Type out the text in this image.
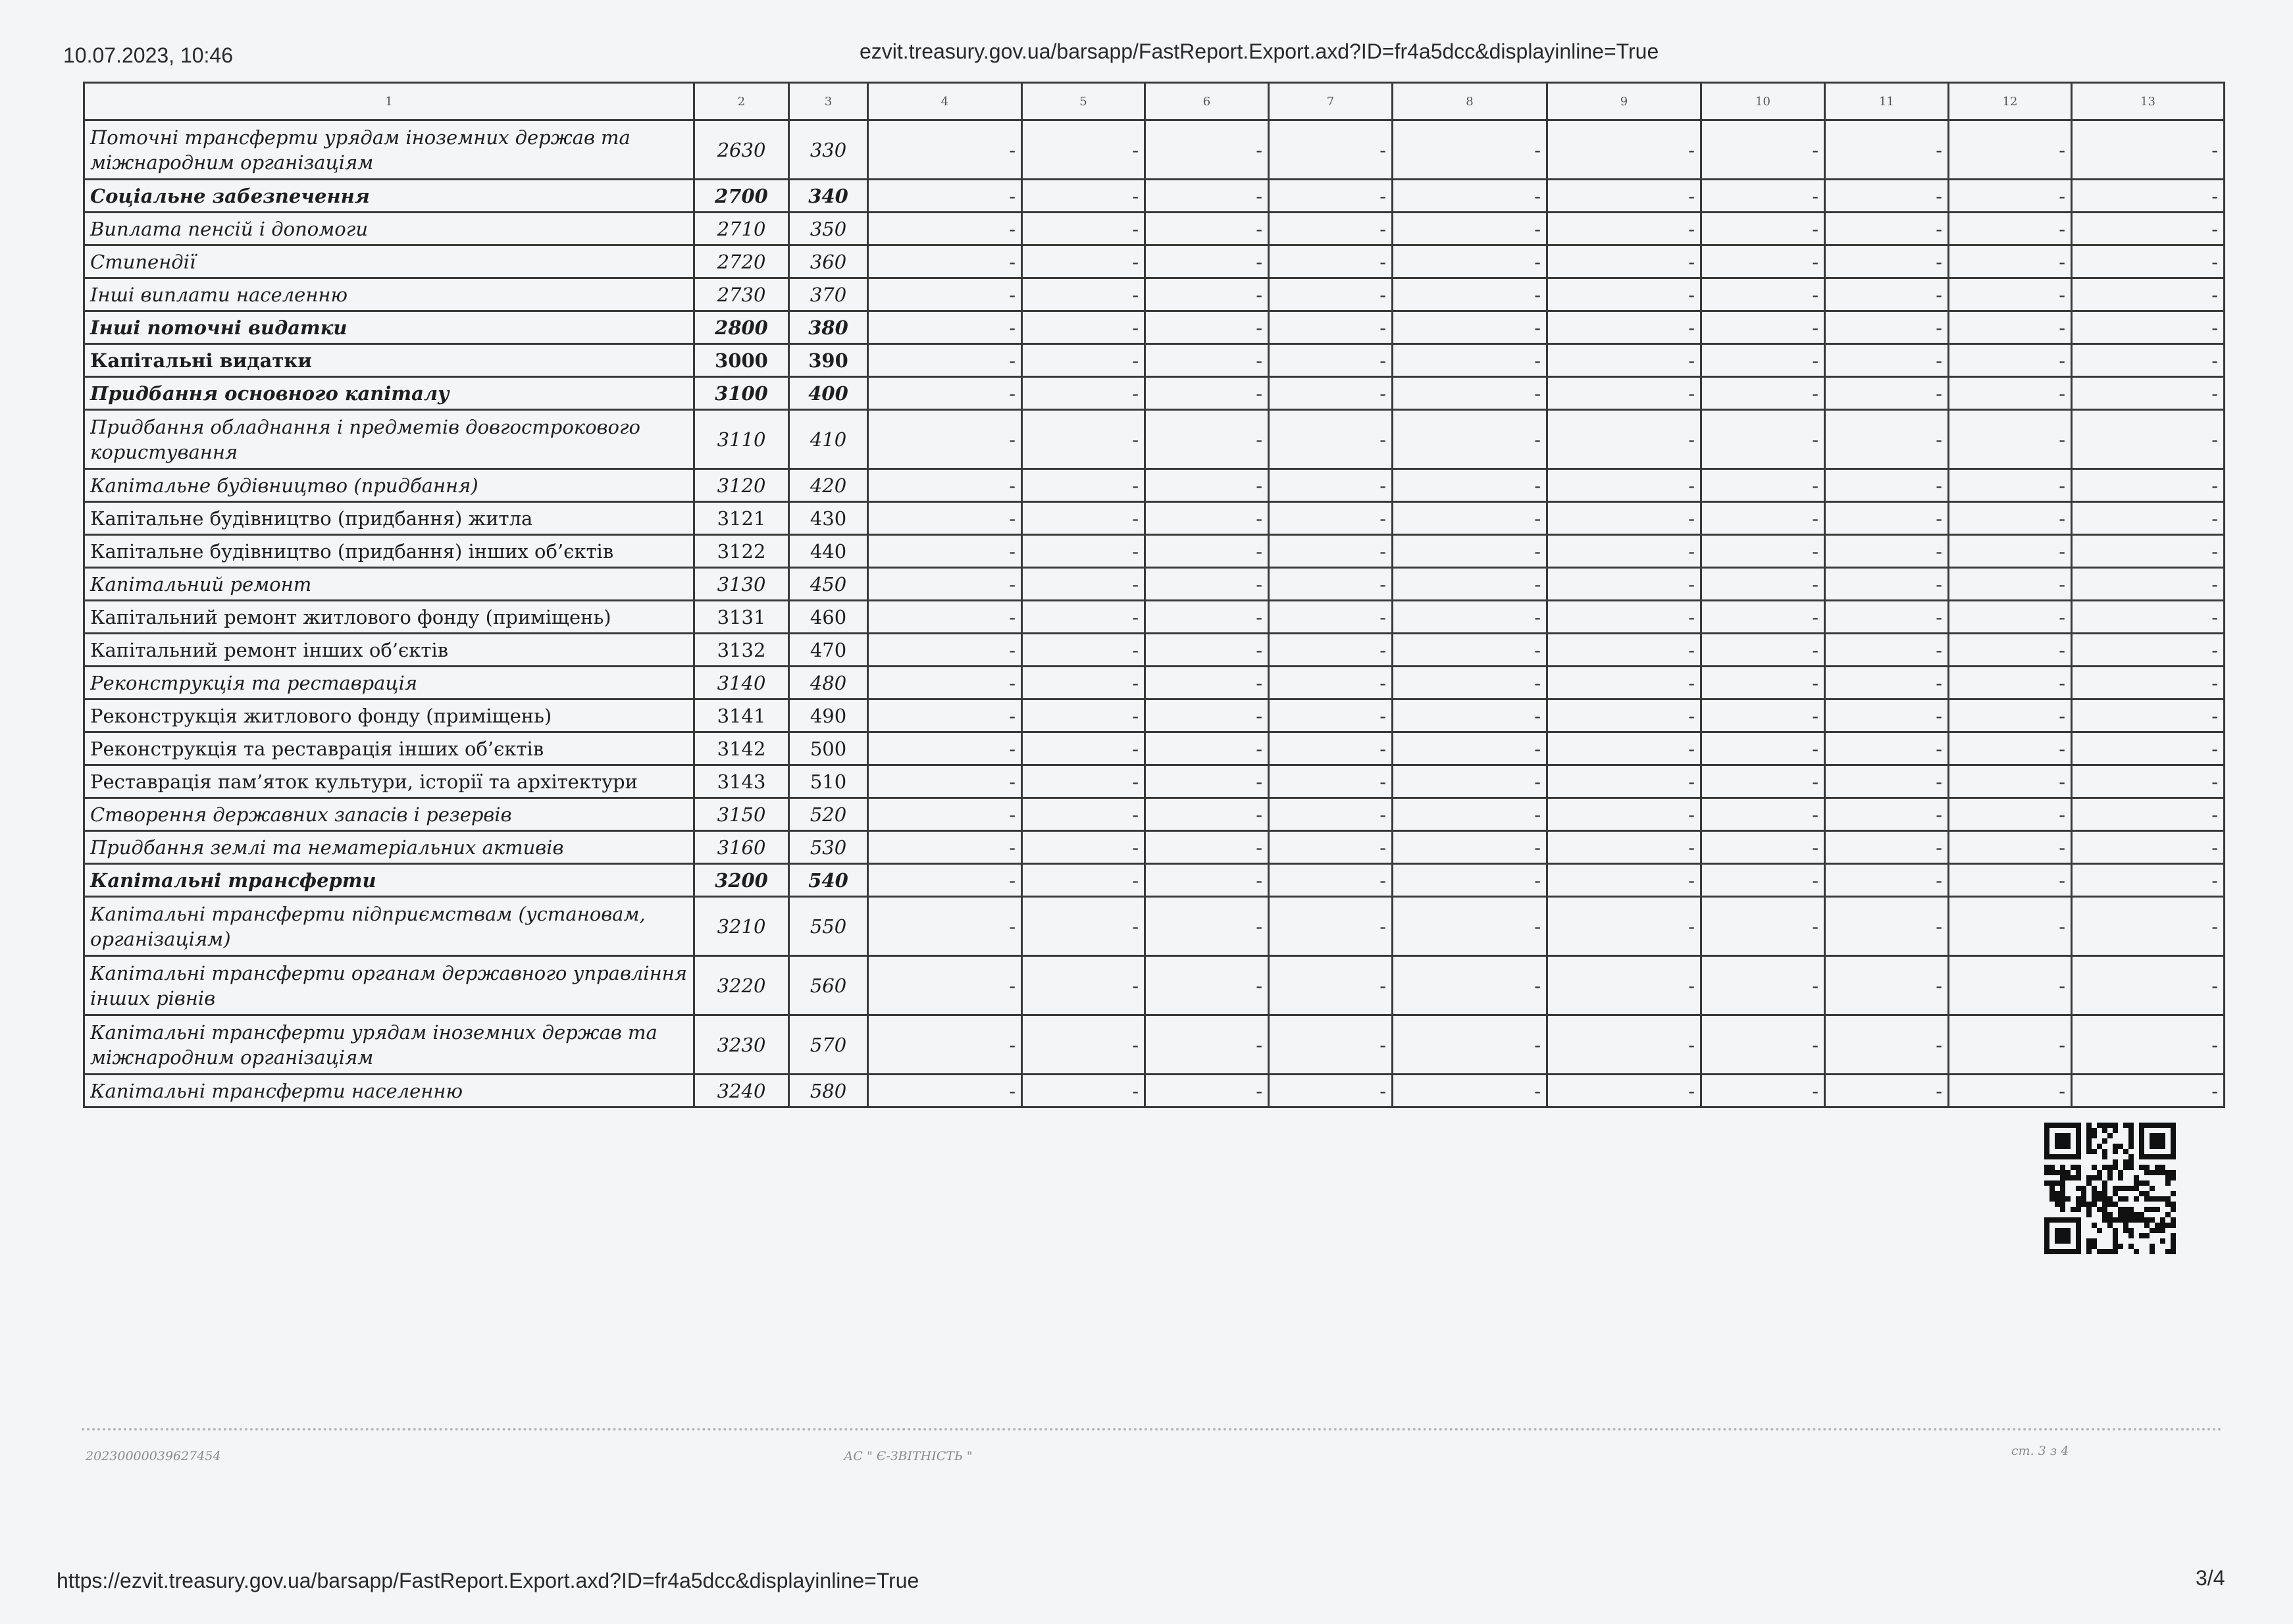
10.07.2023, 10:46	ezvit.treasury.gov.ua/barsapp/FastReport.Export.axd?ID=fr4a5dcc&displayinline=True
1	2	3	4	5	6	7	8	9	10	11	12	13
Поточні трансферти урядам іноземних держав та міжнародним організаціям	2630	330	-	-	-	-	-	-	-	-	-	-
Соціальне забезпечення	2700	340	-	-	-	-	-	-	-	-	-	-
Виплата пенсій і допомоги	2710	350	-	-	-	-	-	-	-	-	-	-
Стипендії	2720	360	-	-	-	-	-	-	-	-	-	-
Інші виплати населенню	2730	370	-	-	-	-	-	-	-	-	-	-
Інші поточні видатки	2800	380	-	-	-	-	-	-	-	-	-	-
Капітальні видатки	3000	390	-	-	-	-	-	-	-	-	-	-
Придбання основного капіталу	3100	400	-	-	-	-	-	-	-	-	-	-
Придбання обладнання і предметів довгострокового користування	3110	410	-	-	-	-	-	-	-	-	-	-
Капітальне будівництво (придбання)	3120	420	-	-	-	-	-	-	-	-	-	-
Капітальне будівництво (придбання) житла	3121	430	-	-	-	-	-	-	-	-	-	-
Капітальне будівництво (придбання) інших об’єктів	3122	440	-	-	-	-	-	-	-	-	-	-
Капітальний ремонт	3130	450	-	-	-	-	-	-	-	-	-	-
Капітальний ремонт житлового фонду (приміщень)	3131	460	-	-	-	-	-	-	-	-	-	-
Капітальний ремонт інших об’єктів	3132	470	-	-	-	-	-	-	-	-	-	-
Реконструкція та реставрація	3140	480	-	-	-	-	-	-	-	-	-	-
Реконструкція житлового фонду (приміщень)	3141	490	-	-	-	-	-	-	-	-	-	-
Реконструкція та реставрація інших об’єктів	3142	500	-	-	-	-	-	-	-	-	-	-
Реставрація пам’яток культури, історії та архітектури	3143	510	-	-	-	-	-	-	-	-	-	-
Створення державних запасів і резервів	3150	520	-	-	-	-	-	-	-	-	-	-
Придбання землі та нематеріальних активів	3160	530	-	-	-	-	-	-	-	-	-	-
Капітальні трансферти	3200	540	-	-	-	-	-	-	-	-	-	-
Капітальні трансферти підприємствам (установам, організаціям)	3210	550	-	-	-	-	-	-	-	-	-	-
Капітальні трансферти органам державного управління інших рівнів	3220	560	-	-	-	-	-	-	-	-	-	-
Капітальні трансферти урядам іноземних держав та міжнародним організаціям	3230	570	-	-	-	-	-	-	-	-	-	-
Капітальні трансферти населенню	3240	580	-	-	-	-	-	-	-	-	-	-
20230000039627454	АС " Є-ЗВІТНІСТЬ "	ст. 3 з 4
https://ezvit.treasury.gov.ua/barsapp/FastReport.Export.axd?ID=fr4a5dcc&displayinline=True	3/4
